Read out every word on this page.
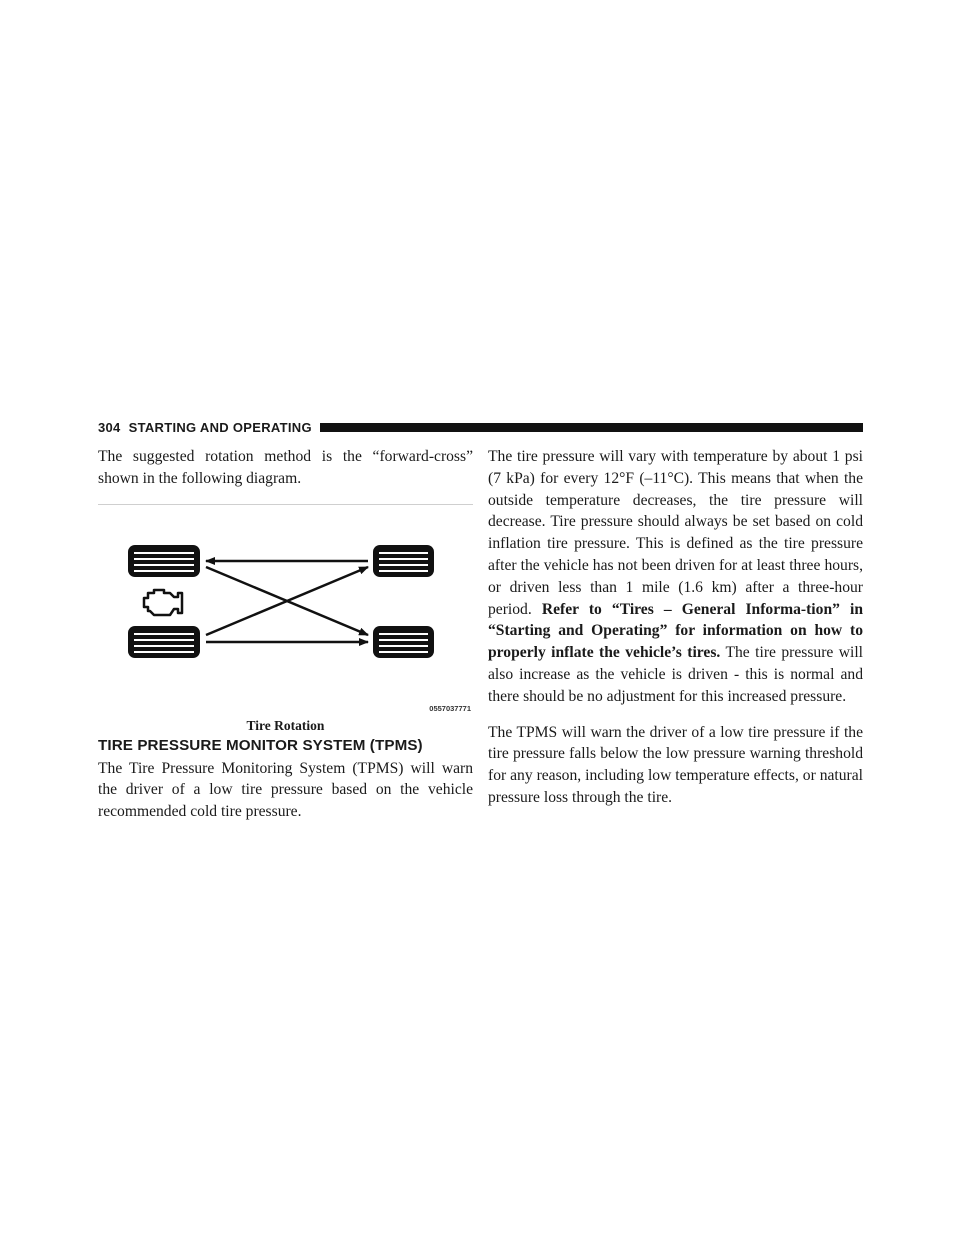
304 STARTING AND OPERATING

The suggested rotation method is the “forward-cross” shown in the following diagram.

0557037771
Tire Rotation
TIRE PRESSURE MONITOR SYSTEM (TPMS)

The Tire Pressure Monitoring System (TPMS) will warn the driver of a low tire pressure based on the vehicle recommended cold tire pressure.

The tire pressure will vary with temperature by about 1 psi (7 kPa) for every 12°F (–11°C). This means that when the outside temperature decreases, the tire pressure will decrease. Tire pressure should always be set based on cold inflation tire pressure. This is defined as the tire pressure after the vehicle has not been driven for at least three hours, or driven less than 1 mile (1.6 km) after a three-hour period. Refer to “Tires – General Informa-tion” in “Starting and Operating” for information on how to properly inflate the vehicle’s tires. The tire pressure will also increase as the vehicle is driven - this is normal and there should be no adjustment for this increased pressure.

The TPMS will warn the driver of a low tire pressure if the tire pressure falls below the low pressure warning threshold for any reason, including low temperature effects, or natural pressure loss through the tire.
